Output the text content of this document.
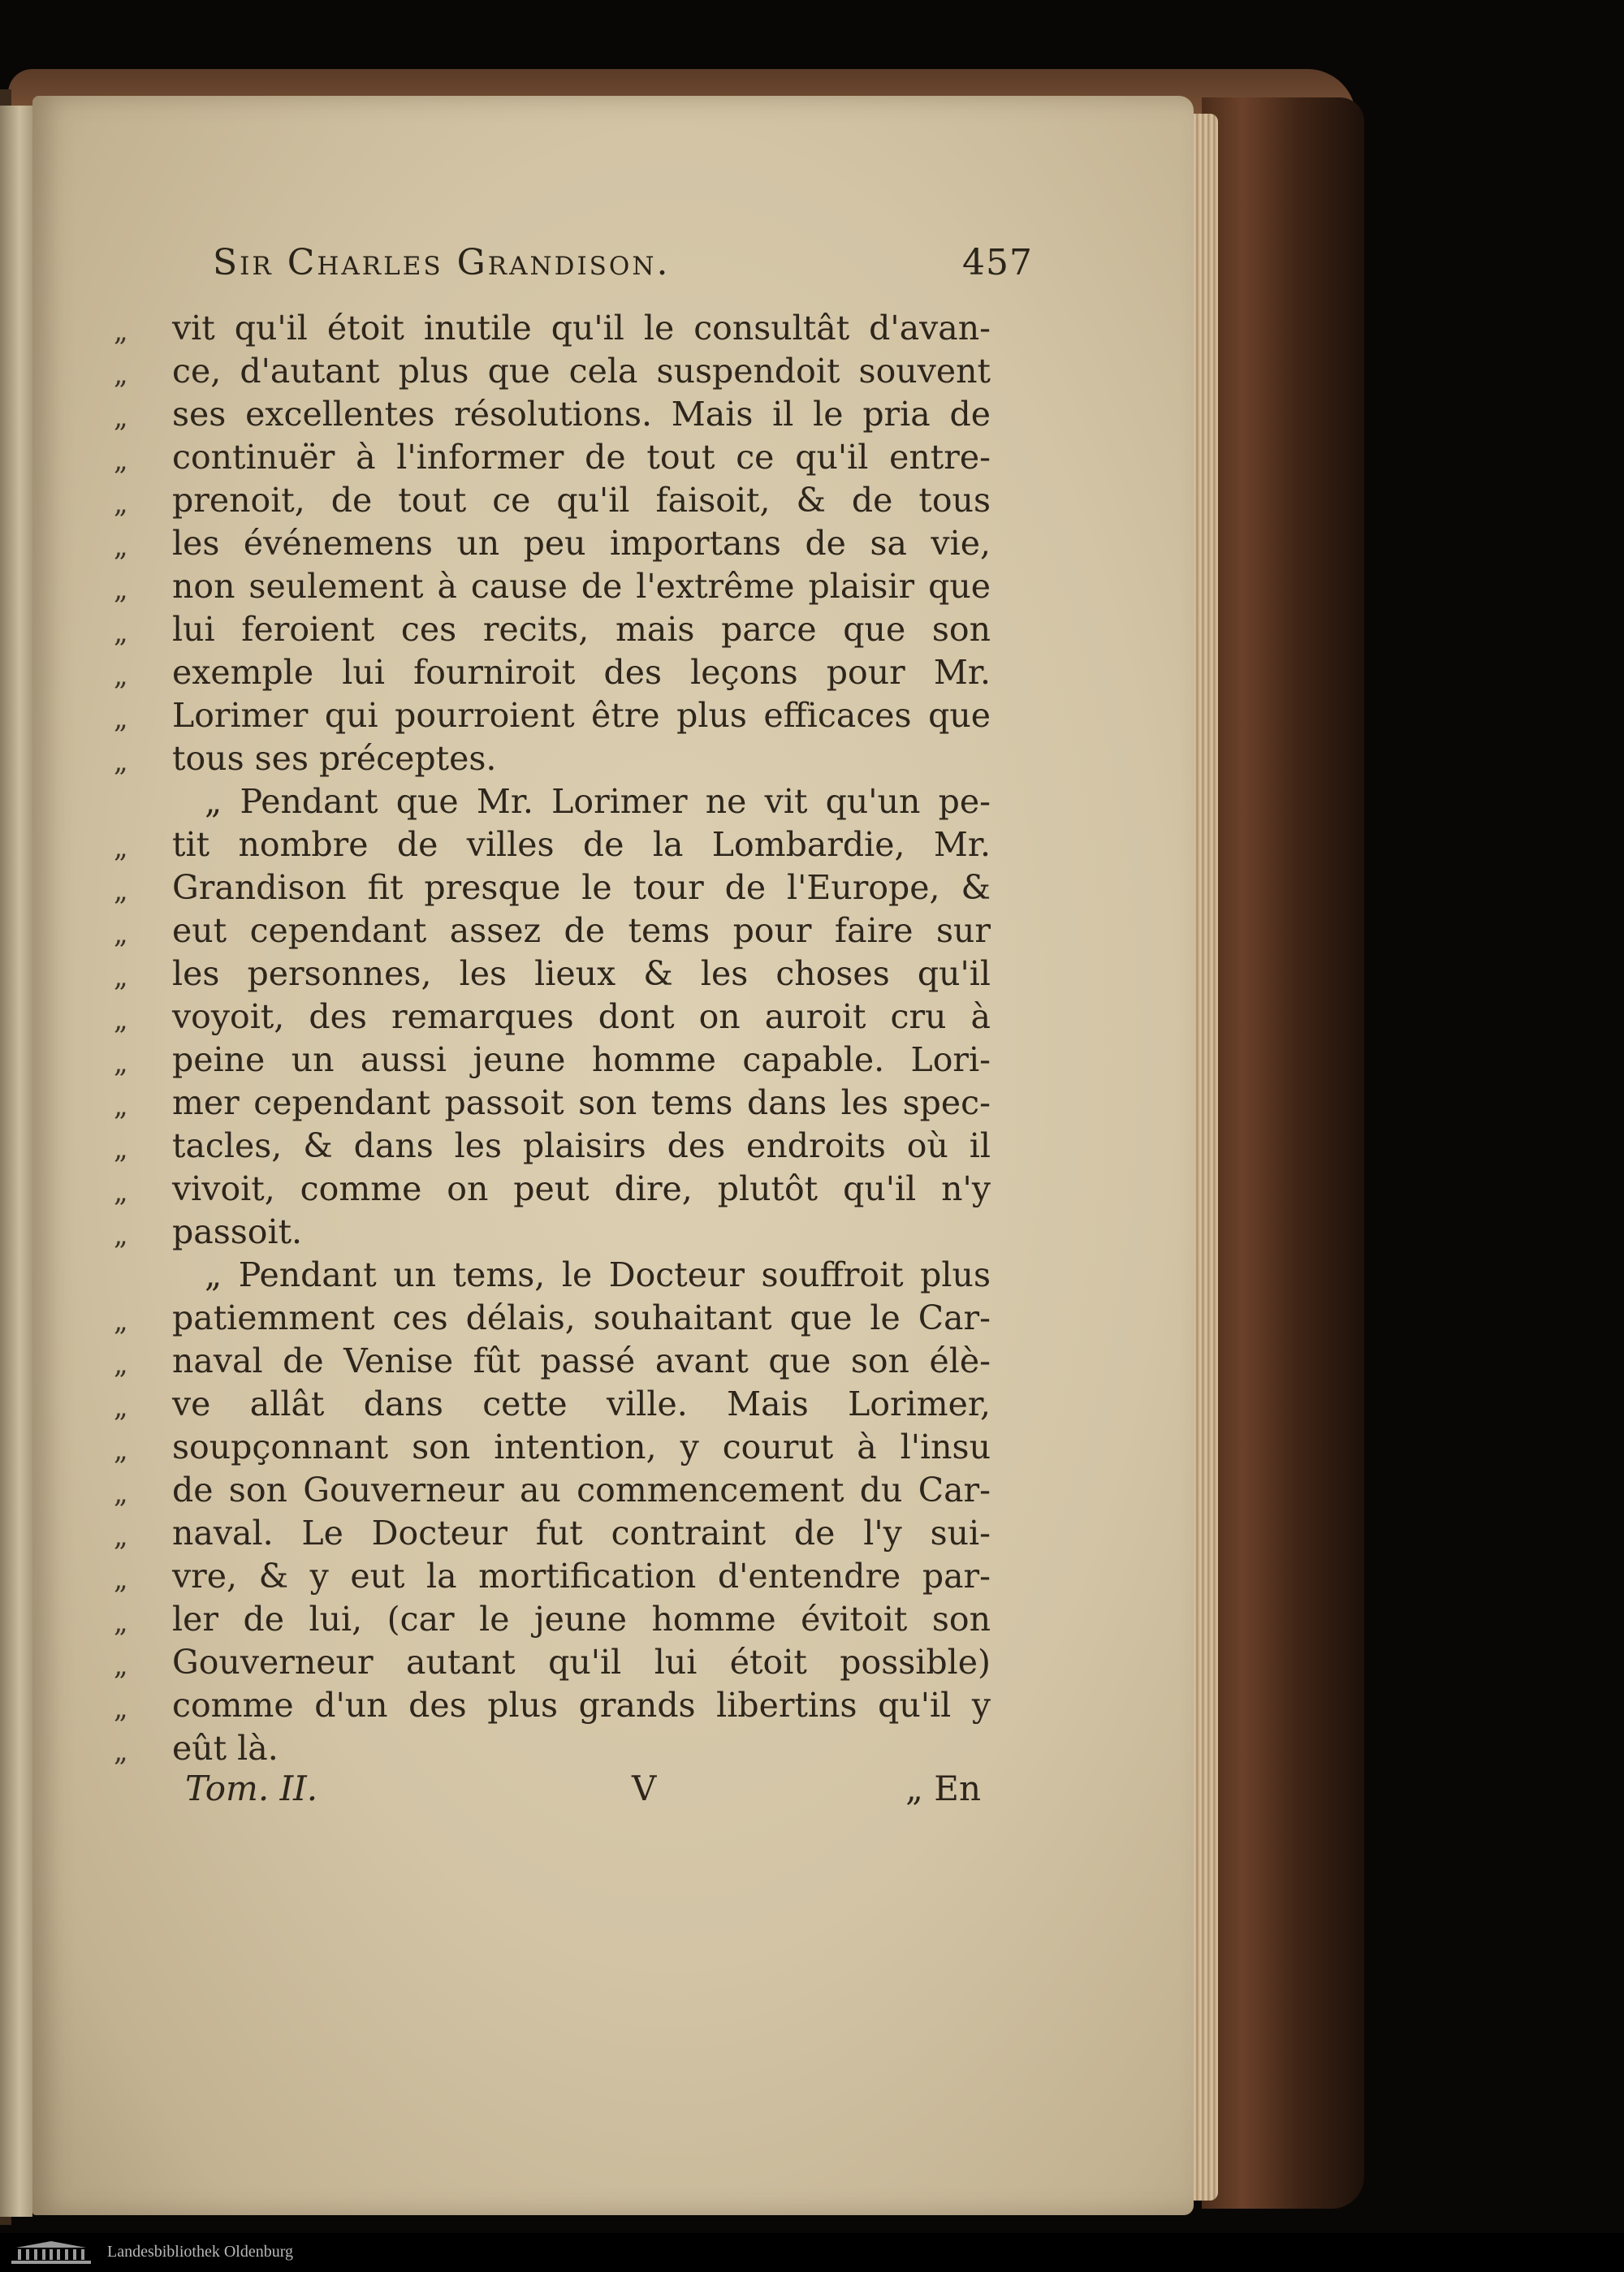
Sir Charles Grandison.	457
„	vit qu'il étoit inutile qu'il le consultât d'avan-
„	ce, d'autant plus que cela suspendoit souvent
„	ses excellentes résolutions. Mais il le pria de
„	continuër à l'informer de tout ce qu'il entre-
„	prenoit, de tout ce qu'il faisoit, & de tous
„	les événemens un peu importans de sa vie,
„	non seulement à cause de l'extrême plaisir que
„	lui feroient ces recits, mais parce que son
„	exemple lui fourniroit des leçons pour Mr.
„	Lorimer qui pourroient être plus efficaces que
„	tous ses préceptes.
„ Pendant que Mr. Lorimer ne vit qu'un pe-
„	tit nombre de villes de la Lombardie, Mr.
„	Grandison fit presque le tour de l'Europe, &
„	eut cependant assez de tems pour faire sur
„	les personnes, les lieux & les choses qu'il
„	voyoit, des remarques dont on auroit cru à
„	peine un aussi jeune homme capable. Lori-
„	mer cependant passoit son tems dans les spec-
„	tacles, & dans les plaisirs des endroits où il
„	vivoit, comme on peut dire, plutôt qu'il n'y
„	passoit.
„ Pendant un tems, le Docteur souffroit plus
„	patiemment ces délais, souhaitant que le Car-
„	naval de Venise fût passé avant que son élè-
„	ve allât dans cette ville. Mais Lorimer,
„	soupçonnant son intention, y courut à l'insu
„	de son Gouverneur au commencement du Car-
„	naval. Le Docteur fut contraint de l'y sui-
„	vre, & y eut la mortification d'entendre par-
„	ler de lui, (car le jeune homme évitoit son
„	Gouverneur autant qu'il lui étoit possible)
„	comme d'un des plus grands libertins qu'il y
„	eût là.
Tom. II.	V	„ En
Landesbibliothek Oldenburg
